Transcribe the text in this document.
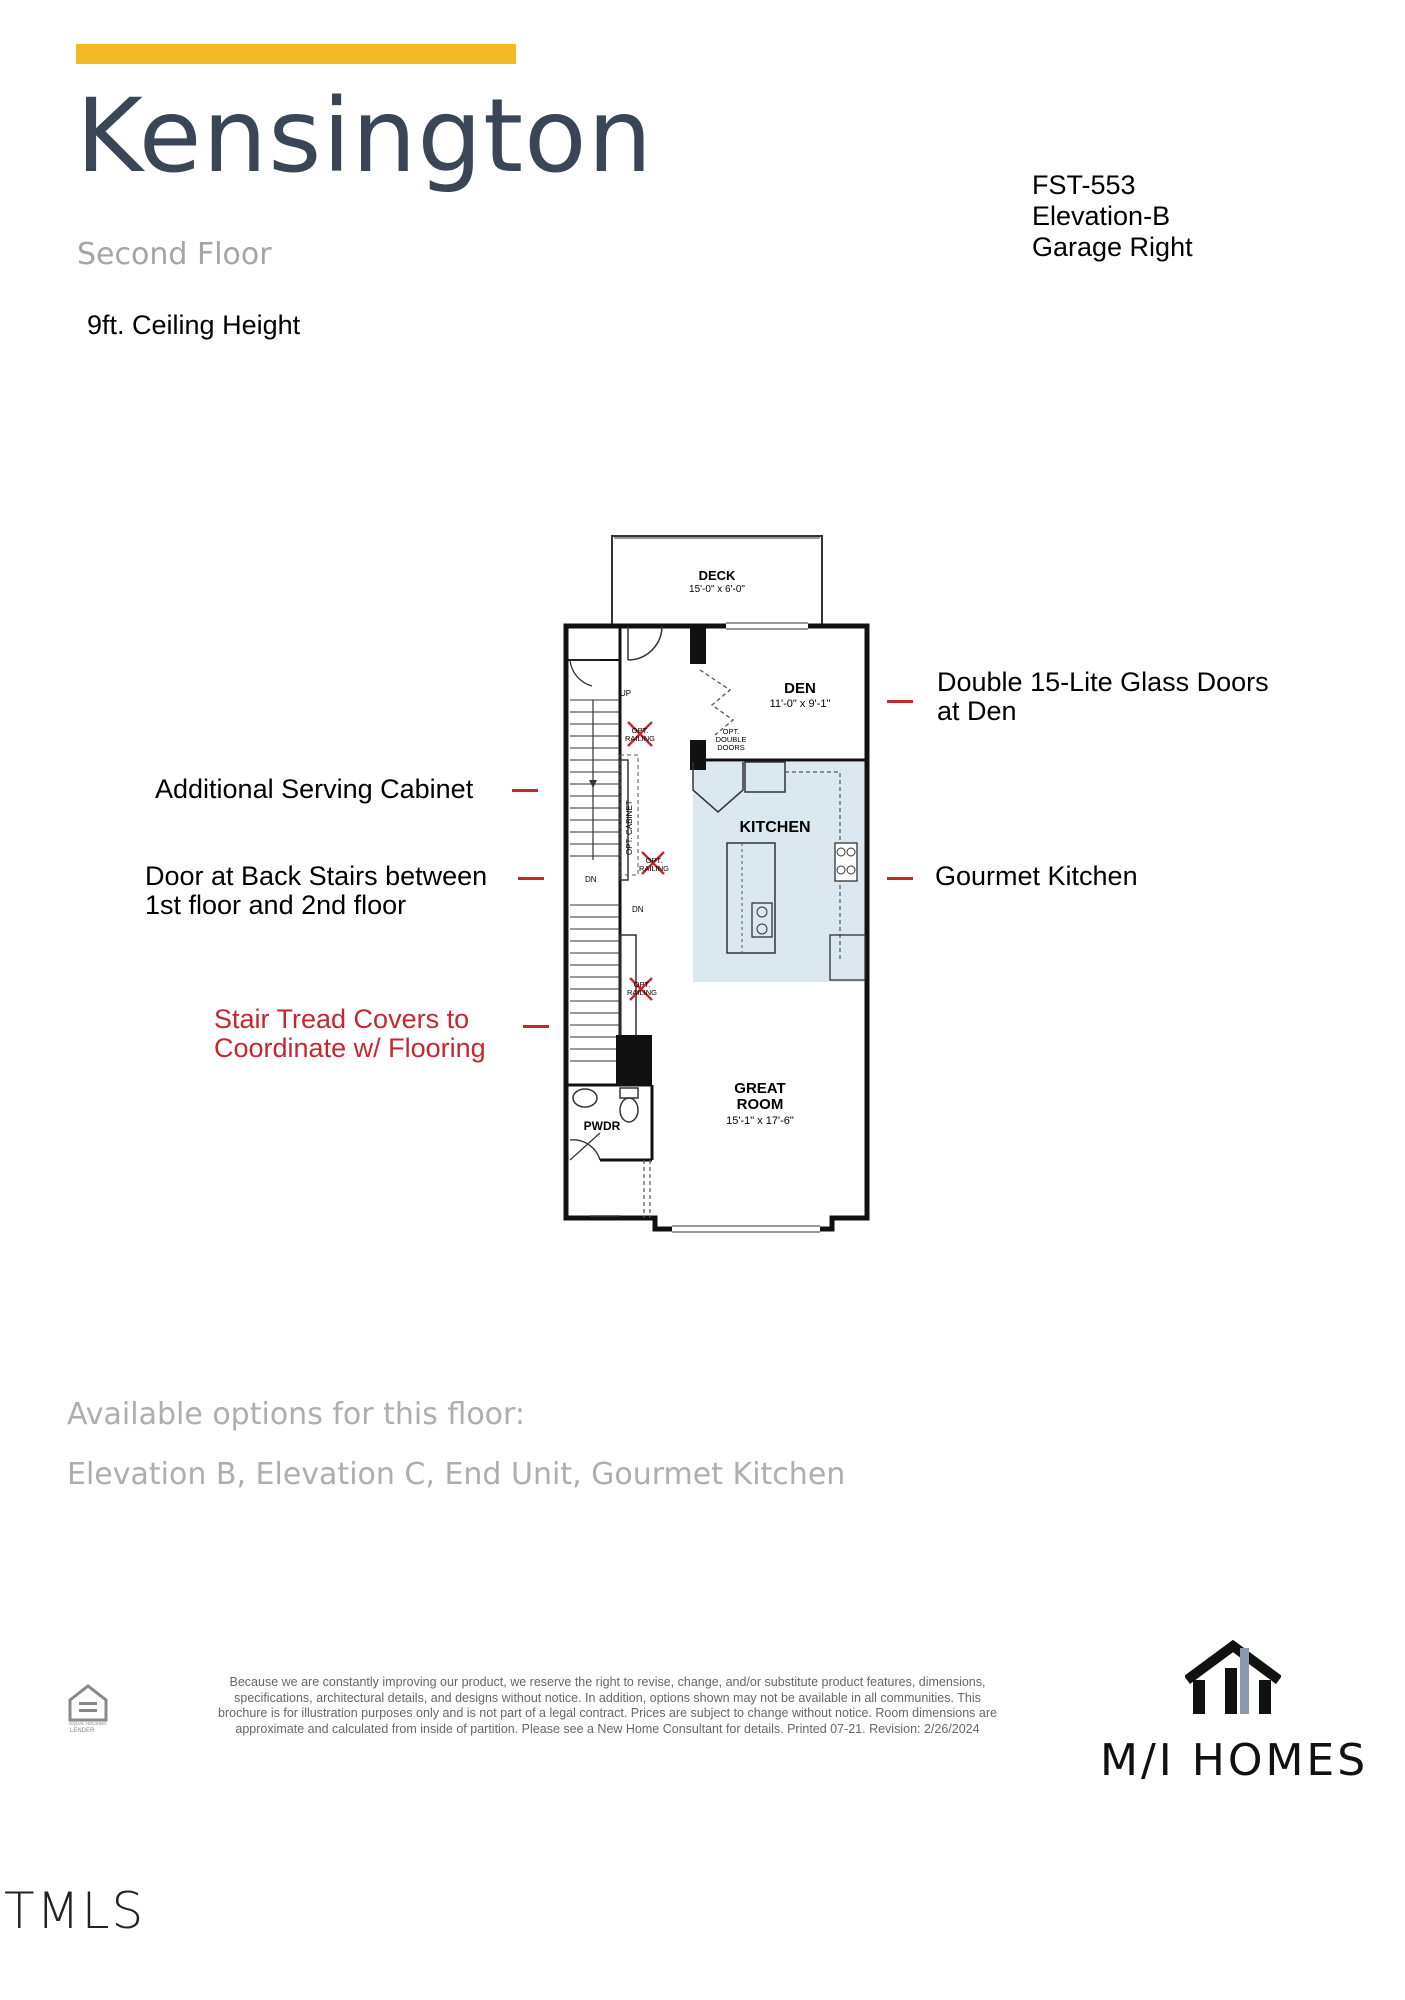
Kensington
Second Floor
9ft. Ceiling Height
FST-553
Elevation-B
Garage Right
Double 15-Lite Glass Doors
at Den
Additional Serving Cabinet
Door at Back Stairs between
1st floor and 2nd floor
Gourmet Kitchen
Stair Tread Covers to
Coordinate w/ Flooring
DECK
15'-0" x 6'-0"
DEN
11'-0" x 9'-1"
OPT.
DOUBLE
DOORS
KITCHEN
GREAT
ROOM
15'-1" x 17'-6"
PWDR
OPT. CABINET
OPT.
RAILING
OPT.
RAILING
OPT.
RAILING
UP
DN
DN
Available options for this floor:
Elevation B, Elevation C, End Unit, Gourmet Kitchen
EQUAL HOUSING
LENDER
Because we are constantly improving our product, we reserve the right to revise, change, and/or substitute product features, dimensions, specifications, architectural details, and designs without notice. In addition, options shown may not be available in all communities. This brochure is for illustration purposes only and is not part of a legal contract. Prices are subject to change without notice. Room dimensions are approximate and calculated from inside of partition. Please see a New Home Consultant for details. Printed 07-21. Revision: 2/26/2024
M/I HOMES
TMLS
